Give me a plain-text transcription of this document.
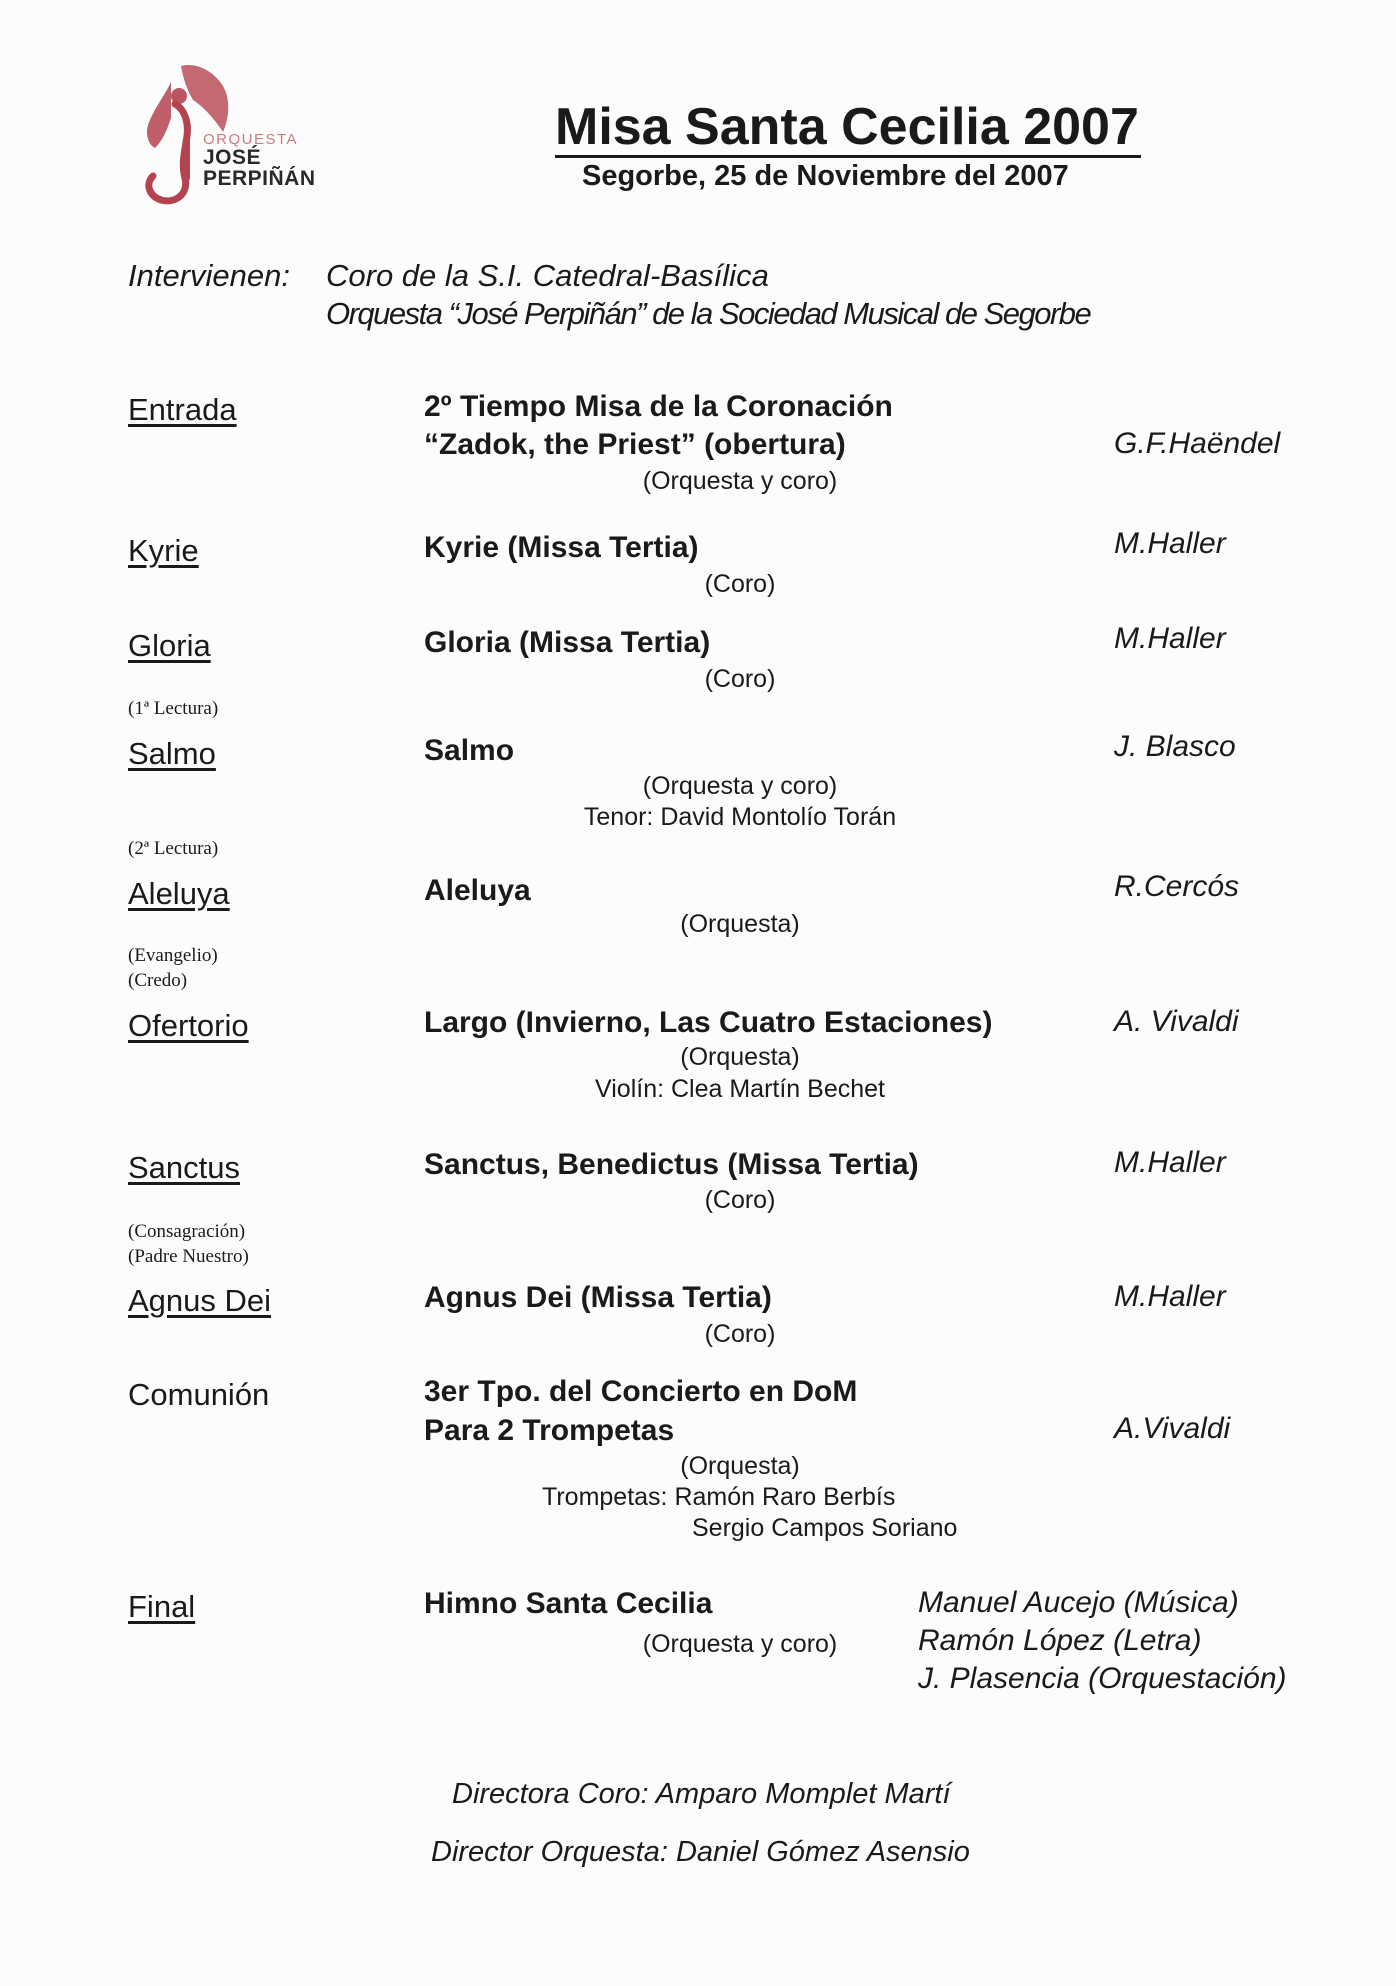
ORQUESTA
JOSÉ
PERPIÑÁN
Misa Santa Cecilia 2007
Segorbe, 25 de Noviembre del 2007
Intervienen: Coro de la S.I. Catedral-Basílica
Orquesta “José Perpiñán” de la Sociedad Musical de Segorbe
Entrada	2º Tiempo Misa de la Coronación
“Zadok, the Priest” (obertura)
(Orquesta y coro)
G.F.Haëndel
Kyrie	Kyrie (Missa Tertia)
(Coro)
M.Haller
Gloria	Gloria (Missa Tertia)
(Coro)
M.Haller
(1ª Lectura)
Salmo	Salmo
(Orquesta y coro)
Tenor: David Montolío Torán
J. Blasco
(2ª Lectura)
Aleluya	Aleluya
(Orquesta)
R.Cercós
(Evangelio)
(Credo)
Ofertorio	Largo (Invierno, Las Cuatro Estaciones)
(Orquesta)
Violín: Clea Martín Bechet
A. Vivaldi
Sanctus	Sanctus, Benedictus (Missa Tertia)
(Coro)
M.Haller
(Consagración)
(Padre Nuestro)
Agnus Dei	Agnus Dei (Missa Tertia)
(Coro)
M.Haller
Comunión	3er Tpo. del Concierto en DoM
Para 2 Trompetas
(Orquesta)
Trompetas: Ramón Raro Berbís
Sergio Campos Soriano
A.Vivaldi
Final	Himno Santa Cecilia
(Orquesta y coro)
Manuel Aucejo (Música)
Ramón López (Letra)
J. Plasencia (Orquestación)
Directora Coro: Amparo Momplet Martí
Director Orquesta: Daniel Gómez Asensio
